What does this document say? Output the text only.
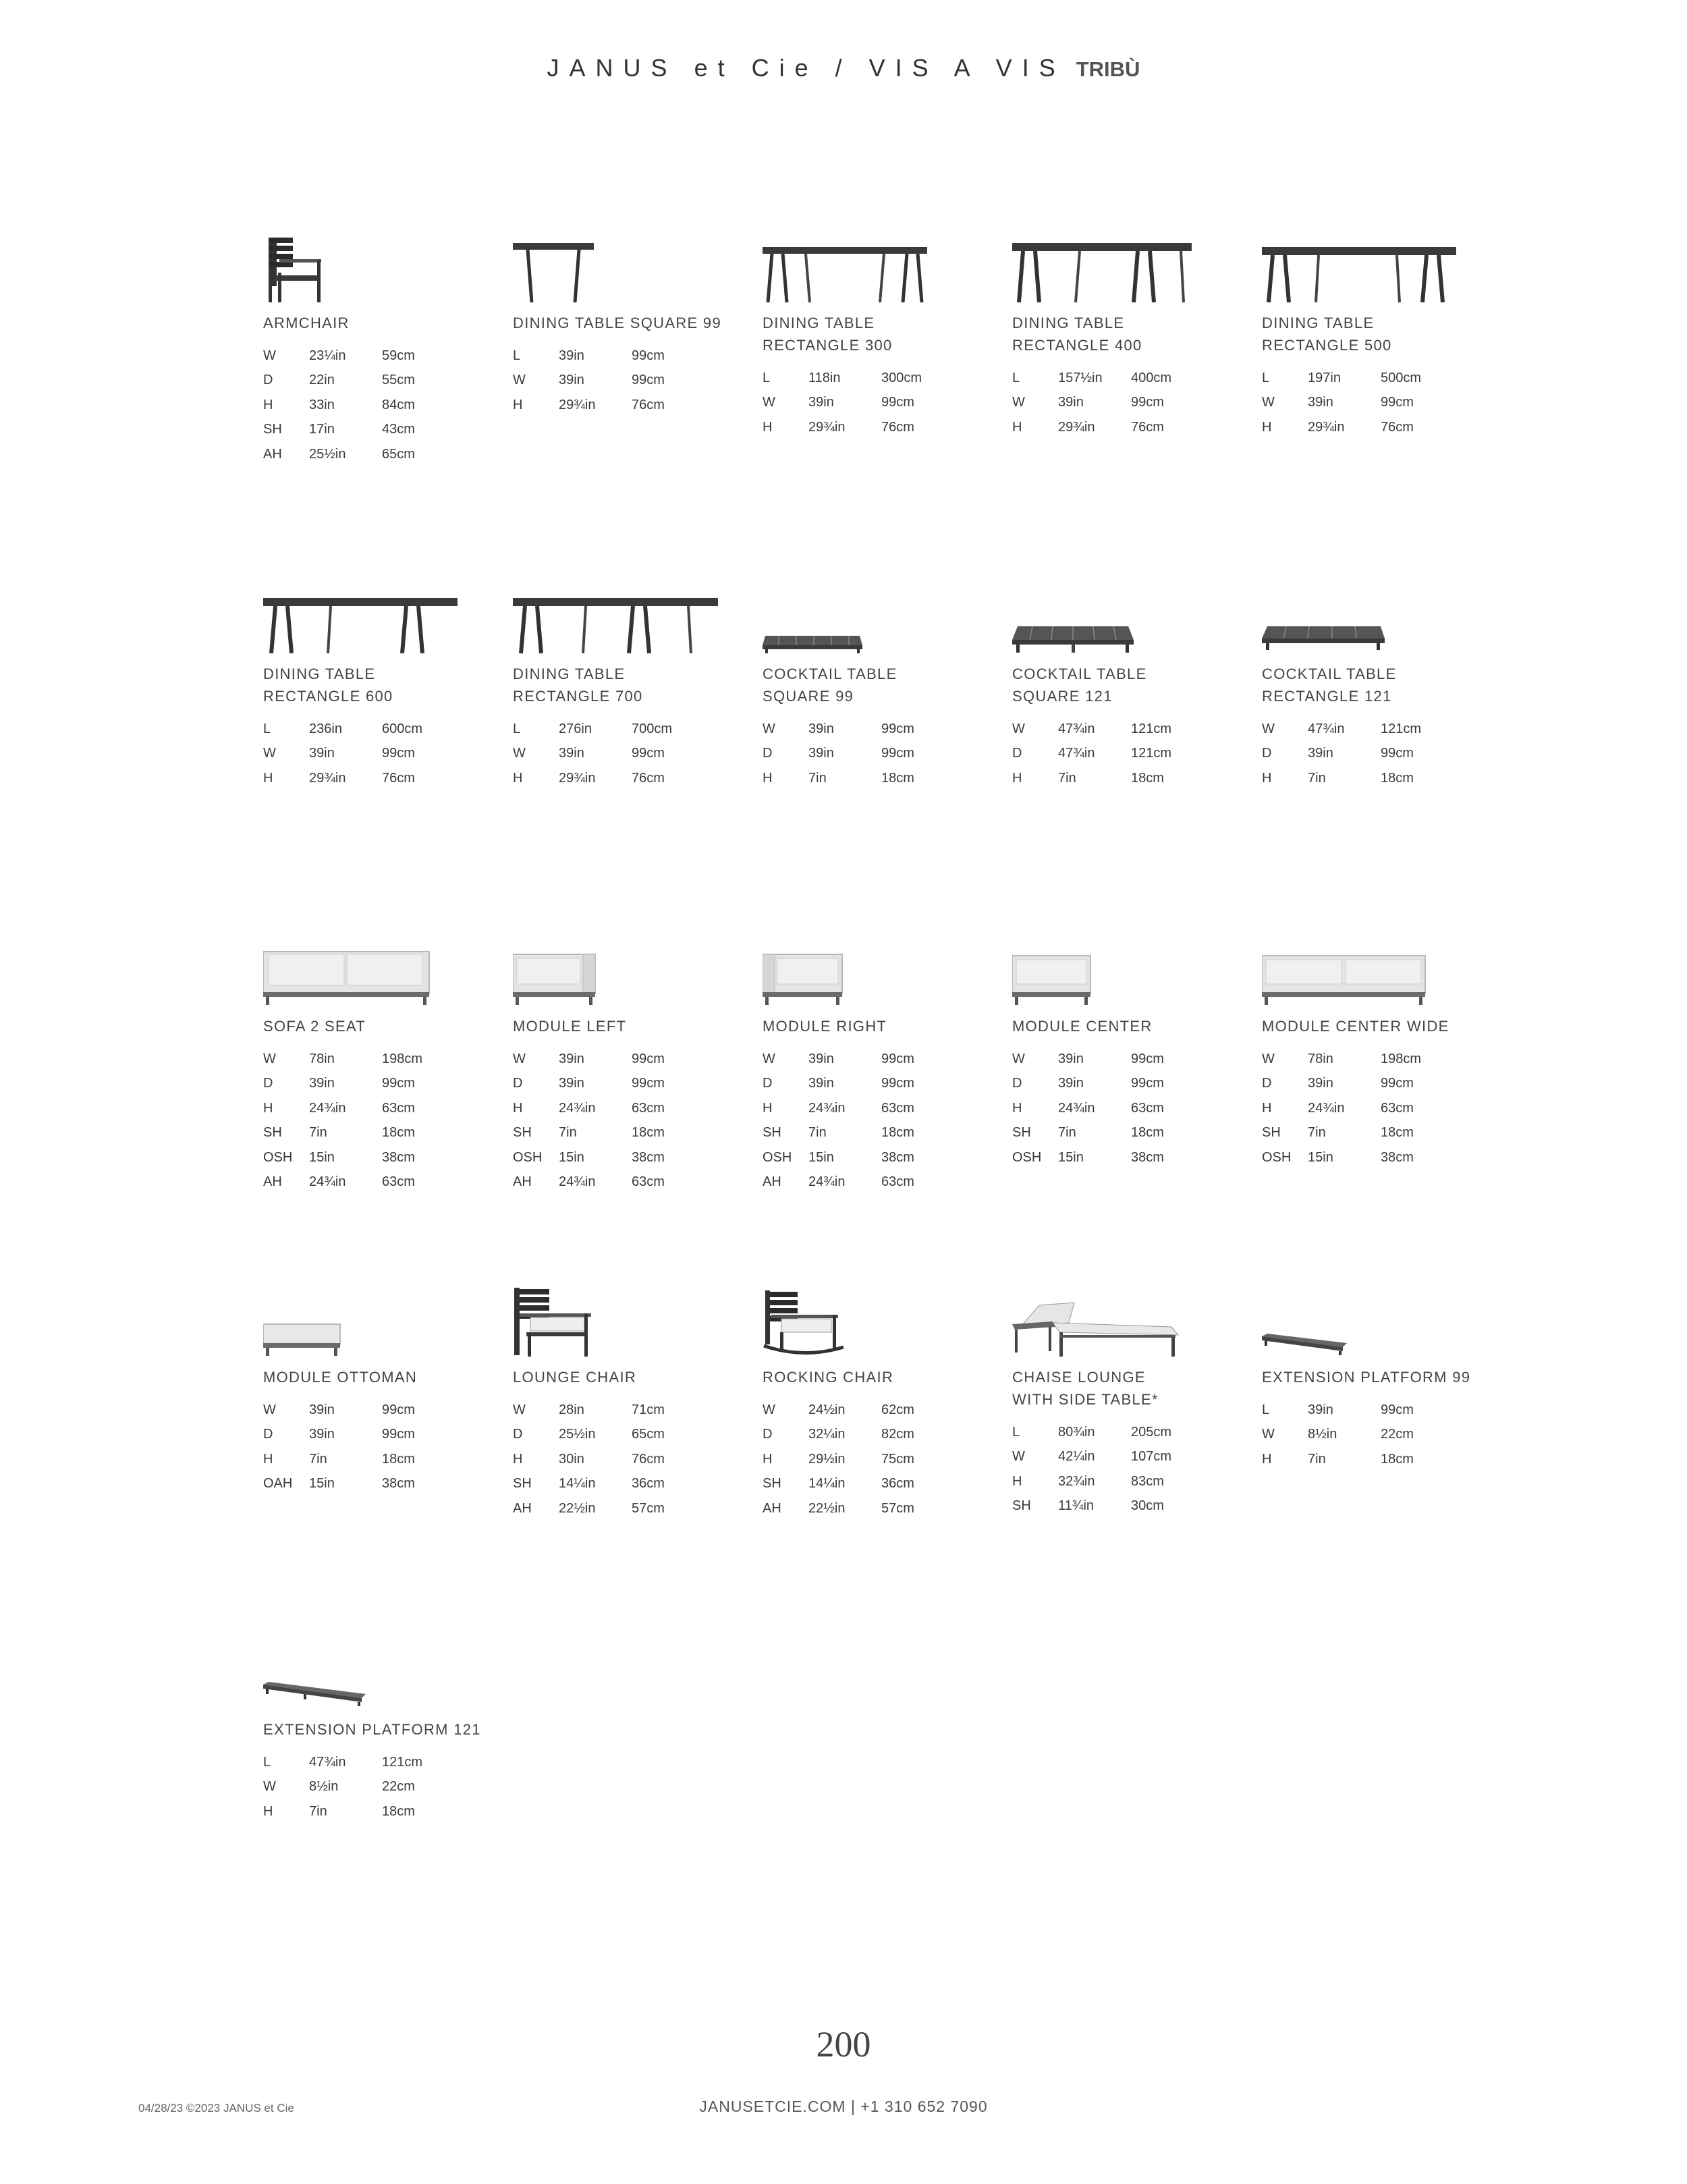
JANUS et Cie / VIS A VIS TRIBÙ
ARMCHAIR
W	23¼in	59cm
D	22in	55cm
H	33in	84cm
SH	17in	43cm
AH	25½in	65cm
DINING TABLE SQUARE 99
L	39in	99cm
W	39in	99cm
H	29¾in	76cm
DINING TABLE
RECTANGLE 300
L	118in	300cm
W	39in	99cm
H	29¾in	76cm
DINING TABLE
RECTANGLE 400
L	157½in	400cm
W	39in	99cm
H	29¾in	76cm
DINING TABLE
RECTANGLE 500
L	197in	500cm
W	39in	99cm
H	29¾in	76cm
DINING TABLE
RECTANGLE 600
L	236in	600cm
W	39in	99cm
H	29¾in	76cm
DINING TABLE
RECTANGLE 700
L	276in	700cm
W	39in	99cm
H	29¾in	76cm
COCKTAIL TABLE
SQUARE 99
W	39in	99cm
D	39in	99cm
H	7in	18cm
COCKTAIL TABLE
SQUARE 121
W	47¾in	121cm
D	47¾in	121cm
H	7in	18cm
COCKTAIL TABLE
RECTANGLE 121
W	47¾in	121cm
D	39in	99cm
H	7in	18cm
SOFA 2 SEAT
W	78in	198cm
D	39in	99cm
H	24¾in	63cm
SH	7in	18cm
OSH	15in	38cm
AH	24¾in	63cm
MODULE LEFT
W	39in	99cm
D	39in	99cm
H	24¾in	63cm
SH	7in	18cm
OSH	15in	38cm
AH	24¾in	63cm
MODULE RIGHT
W	39in	99cm
D	39in	99cm
H	24¾in	63cm
SH	7in	18cm
OSH	15in	38cm
AH	24¾in	63cm
MODULE CENTER
W	39in	99cm
D	39in	99cm
H	24¾in	63cm
SH	7in	18cm
OSH	15in	38cm
MODULE CENTER WIDE
W	78in	198cm
D	39in	99cm
H	24¾in	63cm
SH	7in	18cm
OSH	15in	38cm
MODULE OTTOMAN
W	39in	99cm
D	39in	99cm
H	7in	18cm
OAH	15in	38cm
LOUNGE CHAIR
W	28in	71cm
D	25½in	65cm
H	30in	76cm
SH	14¼in	36cm
AH	22½in	57cm
ROCKING CHAIR
W	24½in	62cm
D	32¼in	82cm
H	29½in	75cm
SH	14¼in	36cm
AH	22½in	57cm
CHAISE LOUNGE
WITH SIDE TABLE*
L	80¾in	205cm
W	42¼in	107cm
H	32¾in	83cm
SH	11¾in	30cm
EXTENSION PLATFORM 99
L	39in	99cm
W	8½in	22cm
H	7in	18cm
EXTENSION PLATFORM 121
L	47¾in	121cm
W	8½in	22cm
H	7in	18cm
200
04/28/23 ©2023 JANUS et Cie	JANUSETCIE.COM | +1 310 652 7090
